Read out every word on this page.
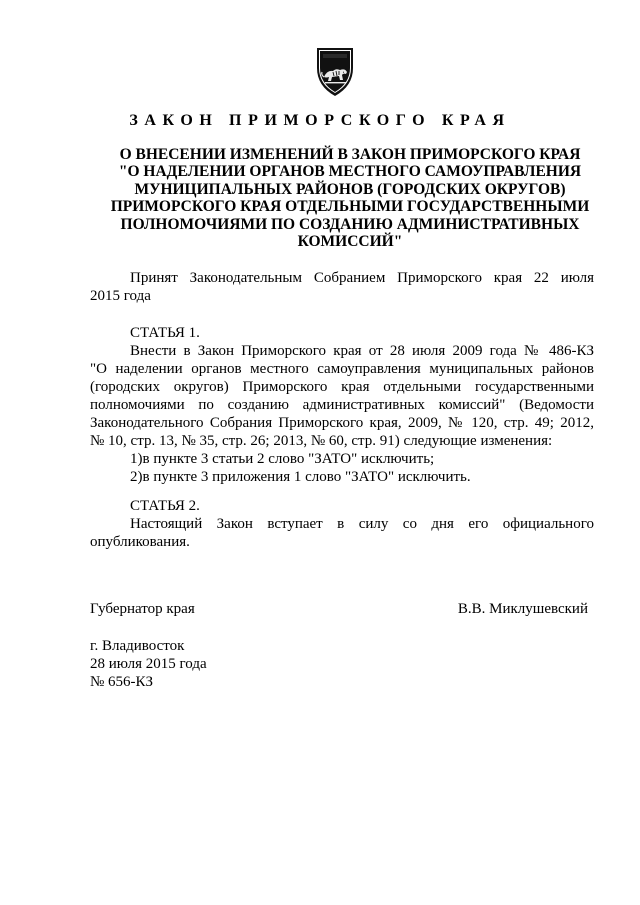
ЗАКОН ПРИМОРСКОГО КРАЯ
О ВНЕСЕНИИ ИЗМЕНЕНИЙ В ЗАКОН ПРИМОРСКОГО КРАЯ
"О НАДЕЛЕНИИ ОРГАНОВ МЕСТНОГО САМОУПРАВЛЕНИЯ
МУНИЦИПАЛЬНЫХ РАЙОНОВ (ГОРОДСКИХ ОКРУГОВ)
ПРИМОРСКОГО КРАЯ ОТДЕЛЬНЫМИ ГОСУДАРСТВЕННЫМИ
ПОЛНОМОЧИЯМИ ПО СОЗДАНИЮ АДМИНИСТРАТИВНЫХ
КОМИССИЙ"
Принят Законодательным Собранием Приморского края 22 июля
2015 года
СТАТЬЯ 1.
Внести в Закон Приморского края от 28 июля 2009 года № 486-КЗ
"О наделении органов местного самоуправления муниципальных районов
(городских округов) Приморского края отдельными государственными
полномочиями по созданию административных комиссий" (Ведомости
Законодательного Собрания Приморского края, 2009, № 120, стр. 49; 2012,
№ 10, стр. 13, № 35, стр. 26; 2013, № 60, стр. 91) следующие изменения:
1)в пункте 3 статьи 2 слово "ЗАТО" исключить;
2)в пункте 3 приложения 1 слово "ЗАТО" исключить.
СТАТЬЯ 2.
Настоящий Закон вступает в силу со дня его официального
опубликования.
Губернатор края	В.В. Миклушевский
г. Владивосток
28 июля 2015 года
№ 656-КЗ
